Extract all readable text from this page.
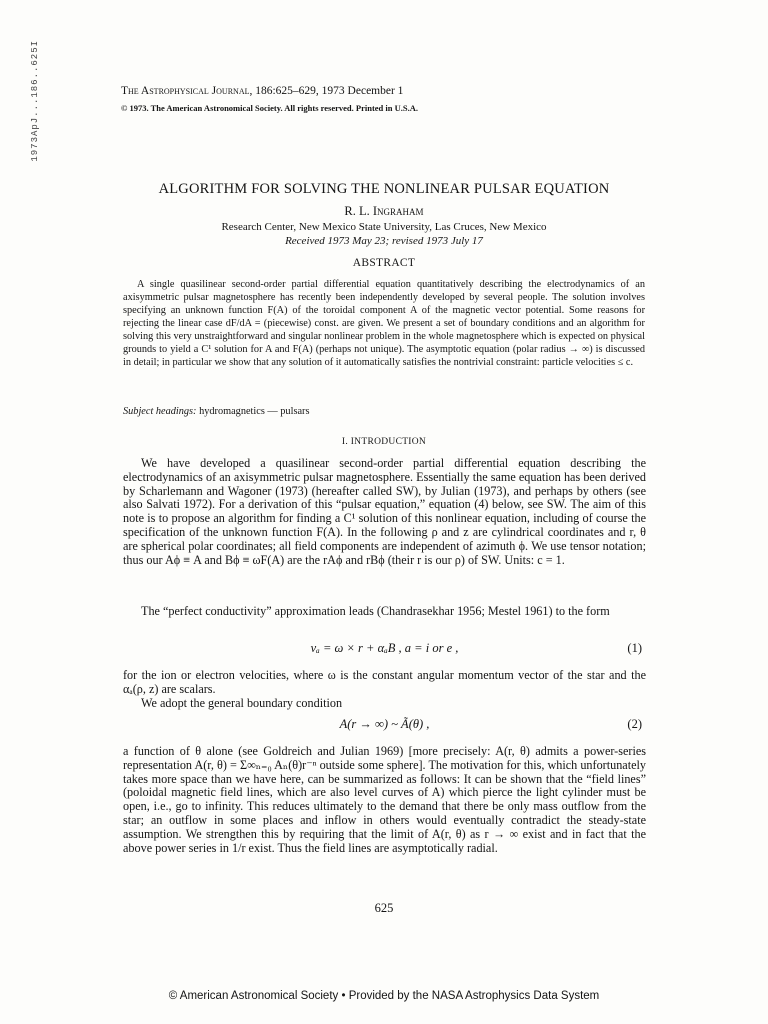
1973ApJ...186..625I	The Astrophysical Journal, 186:625–629, 1973 December 1
© 1973. The American Astronomical Society. All rights reserved. Printed in U.S.A.
ALGORITHM FOR SOLVING THE NONLINEAR PULSAR EQUATION
R. L. Ingraham
Research Center, New Mexico State University, Las Cruces, New Mexico
Received 1973 May 23; revised 1973 July 17
ABSTRACT

A single quasilinear second-order partial differential equation quantitatively describing the electrodynamics of an axisymmetric pulsar magnetosphere has recently been independently developed by several people. The solution involves specifying an unknown function F(A) of the toroidal component A of the magnetic vector potential. Some reasons for rejecting the linear case dF/dA = (piecewise) const. are given. We present a set of boundary conditions and an algorithm for solving this very unstraightforward and singular nonlinear problem in the whole magnetosphere which is expected on physical grounds to yield a C¹ solution for A and F(A) (perhaps not unique). The asymptotic equation (polar radius → ∞) is discussed in detail; in particular we show that any solution of it automatically satisfies the nontrivial constraint: particle velocities ≤ c.

Subject headings: hydromagnetics — pulsars
I. INTRODUCTION

We have developed a quasilinear second-order partial differential equation describing the electrodynamics of an axisymmetric pulsar magnetosphere. Essentially the same equation has been derived by Scharlemann and Wagoner (1973) (hereafter called SW), by Julian (1973), and perhaps by others (see also Salvati 1972). For a derivation of this “pulsar equation,” equation (4) below, see SW. The aim of this note is to propose an algorithm for finding a C¹ solution of this nonlinear equation, including of course the specification of the unknown function F(A). In the following ρ and z are cylindrical coordinates and r, θ are spherical polar coordinates; all field components are independent of azimuth ϕ. We use tensor notation; thus our Aϕ ≡ A and Bϕ ≡ ωF(A) are the rAϕ and rBϕ (their r is our ρ) of SW. Units: c = 1.

The “perfect conductivity” approximation leads (Chandrasekhar 1956; Mestel 1961) to the form

vₐ = ω × r + αₐB , a = i or e ,	(1)

for the ion or electron velocities, where ω is the constant angular momentum vector of the star and the αₐ(ρ, z) are scalars.

We adopt the general boundary condition

A(r → ∞) ~ Ã(θ) ,	(2)

a function of θ alone (see Goldreich and Julian 1969) [more precisely: A(r, θ) admits a power-series representation A(r, θ) = Σ∞ₙ₌₀ Aₙ(θ)r⁻ⁿ outside some sphere]. The motivation for this, which unfortunately takes more space than we have here, can be summarized as follows: It can be shown that the “field lines” (poloidal magnetic field lines, which are also level curves of A) which pierce the light cylinder must be open, i.e., go to infinity. This reduces ultimately to the demand that there be only mass outflow from the star; an outflow in some places and inflow in others would eventually contradict the steady-state assumption. We strengthen this by requiring that the limit of A(r, θ) as r → ∞ exist and in fact that the above power series in 1/r exist. Thus the field lines are asymptotically radial.

625
© American Astronomical Society • Provided by the NASA Astrophysics Data System
